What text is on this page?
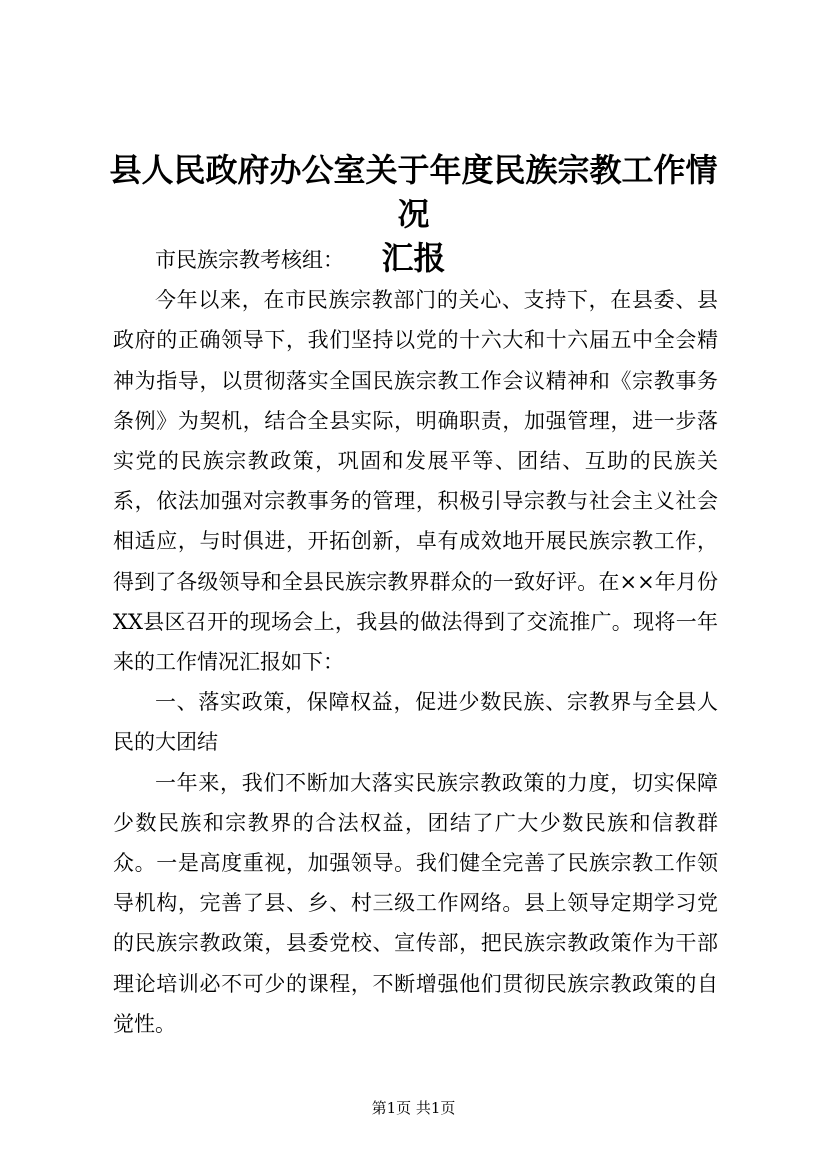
县人民政府办公室关于年度民族宗教工作情况
汇报

市民族宗教考核组：

今年以来，在市民族宗教部门的关心、支持下，在县委、县政府的正确领导下，我们坚持以党的十六大和十六届五中全会精神为指导，以贯彻落实全国民族宗教工作会议精神和《宗教事务条例》为契机，结合全县实际，明确职责，加强管理，进一步落实党的民族宗教政策，巩固和发展平等、团结、互助的民族关系，依法加强对宗教事务的管理，积极引导宗教与社会主义社会相适应，与时俱进，开拓创新，卓有成效地开展民族宗教工作，得到了各级领导和全县民族宗教界群众的一致好评。在××年月份XX县区召开的现场会上，我县的做法得到了交流推广。现将一年来的工作情况汇报如下：

一、落实政策，保障权益，促进少数民族、宗教界与全县人民的大团结

一年来，我们不断加大落实民族宗教政策的力度，切实保障少数民族和宗教界的合法权益，团结了广大少数民族和信教群众。一是高度重视，加强领导。我们健全完善了民族宗教工作领导机构，完善了县、乡、村三级工作网络。县上领导定期学习党的民族宗教政策，县委党校、宣传部，把民族宗教政策作为干部理论培训必不可少的课程，不断增强他们贯彻民族宗教政策的自觉性。

第1页 共1页
